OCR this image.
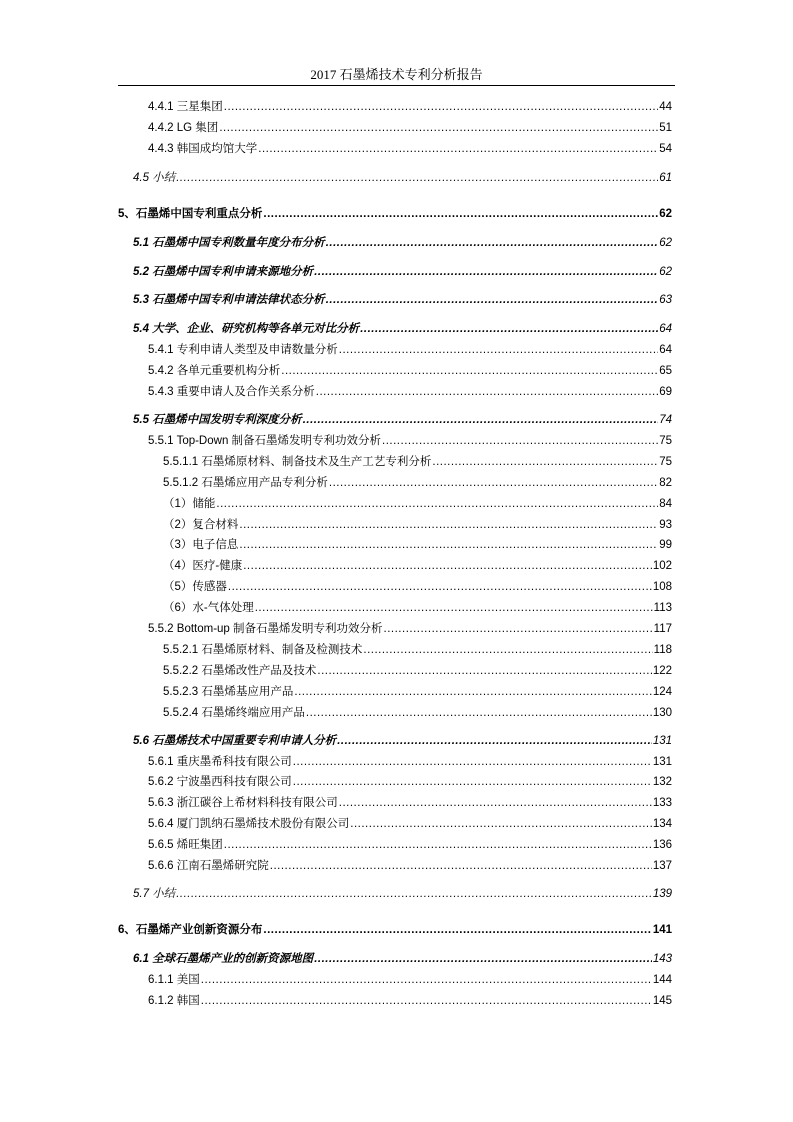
2017 石墨烯技术专利分析报告
4.4.1 三星集团 .....	44
4.4.2 LG 集团 .....	51
4.4.3 韩国成均馆大学 .....	54
4.5 小结 .....	61
5、石墨烯中国专利重点分析 .....	62
5.1 石墨烯中国专利数量年度分布分析 .....	62
5.2 石墨烯中国专利申请来源地分析 .....	62
5.3 石墨烯中国专利申请法律状态分析 .....	63
5.4 大学、企业、研究机构等各单元对比分析 .....	64
5.4.1 专利申请人类型及申请数量分析 .....	64
5.4.2 各单元重要机构分析 .....	65
5.4.3 重要申请人及合作关系分析 .....	69
5.5 石墨烯中国发明专利深度分析 .....	74
5.5.1 Top-Down 制备石墨烯发明专利功效分析 .....	75
5.5.1.1 石墨烯原材料、制备技术及生产工艺专利分析 .....	75
5.5.1.2 石墨烯应用产品专利分析 .....	82
（1）储能 .....	84
（2）复合材料 .....	93
（3）电子信息 .....	99
（4）医疗-健康 .....	102
（5）传感器 .....	108
（6）水-气体处理 .....	113
5.5.2 Bottom-up 制备石墨烯发明专利功效分析 .....	117
5.5.2.1 石墨烯原材料、制备及检测技术 .....	118
5.5.2.2 石墨烯改性产品及技术 .....	122
5.5.2.3 石墨烯基应用产品 .....	124
5.5.2.4 石墨烯终端应用产品 .....	130
5.6 石墨烯技术中国重要专利申请人分析 .....	131
5.6.1 重庆墨希科技有限公司 .....	131
5.6.2 宁波墨西科技有限公司 .....	132
5.6.3 浙江碳谷上希材料科技有限公司 .....	133
5.6.4 厦门凯纳石墨烯技术股份有限公司 .....	134
5.6.5 烯旺集团 .....	136
5.6.6 江南石墨烯研究院 .....	137
5.7 小结 .....	139
6、石墨烯产业创新资源分布 .....	141
6.1 全球石墨烯产业的创新资源地图 .....	143
6.1.1 美国 .....	144
6.1.2 韩国 .....	145
